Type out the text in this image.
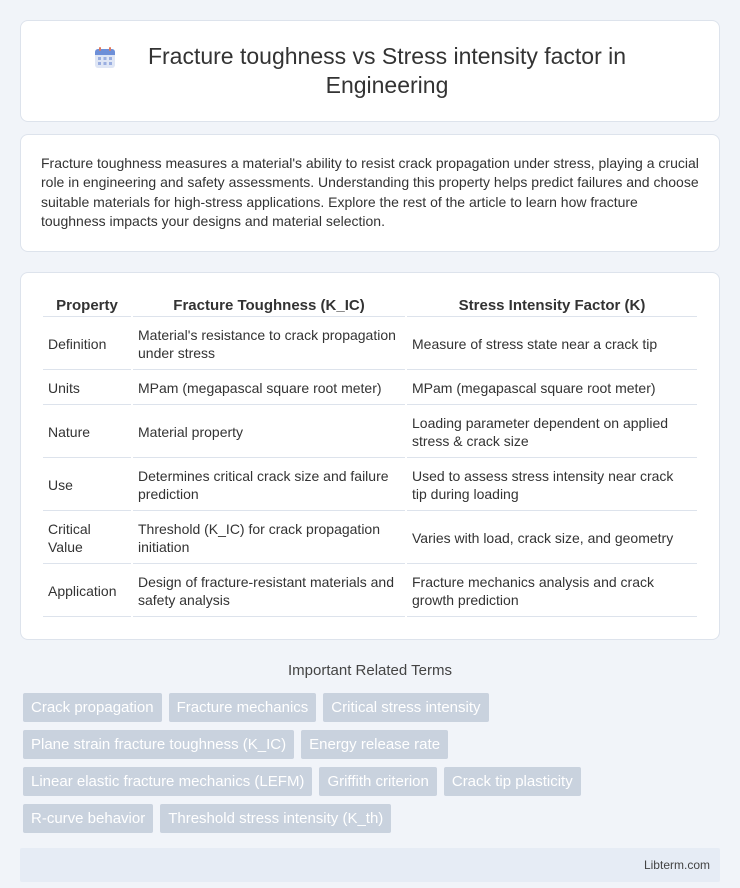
Fracture toughness vs Stress intensity factor in Engineering

Fracture toughness measures a material's ability to resist crack propagation under stress, playing a crucial role in engineering and safety assessments. Understanding this property helps predict failures and choose suitable materials for high-stress applications. Explore the rest of the article to learn how fracture toughness impacts your designs and material selection.

Property	Fracture Toughness (K_IC)	Stress Intensity Factor (K)
Definition	Material's resistance to crack propagation under stress	Measure of stress state near a crack tip
Units	MPam (megapascal square root meter)	MPam (megapascal square root meter)
Nature	Material property	Loading parameter dependent on applied stress & crack size
Use	Determines critical crack size and failure prediction	Used to assess stress intensity near crack tip during loading
Critical Value	Threshold (K_IC) for crack propagation initiation	Varies with load, crack size, and geometry
Application	Design of fracture-resistant materials and safety analysis	Fracture mechanics analysis and crack growth prediction
Important Related Terms
Crack propagation	Fracture mechanics	Critical stress intensity
Plane strain fracture toughness (K_IC)	Energy release rate
Linear elastic fracture mechanics (LEFM)	Griffith criterion	Crack tip plasticity
R-curve behavior	Threshold stress intensity (K_th)
Libterm.com
